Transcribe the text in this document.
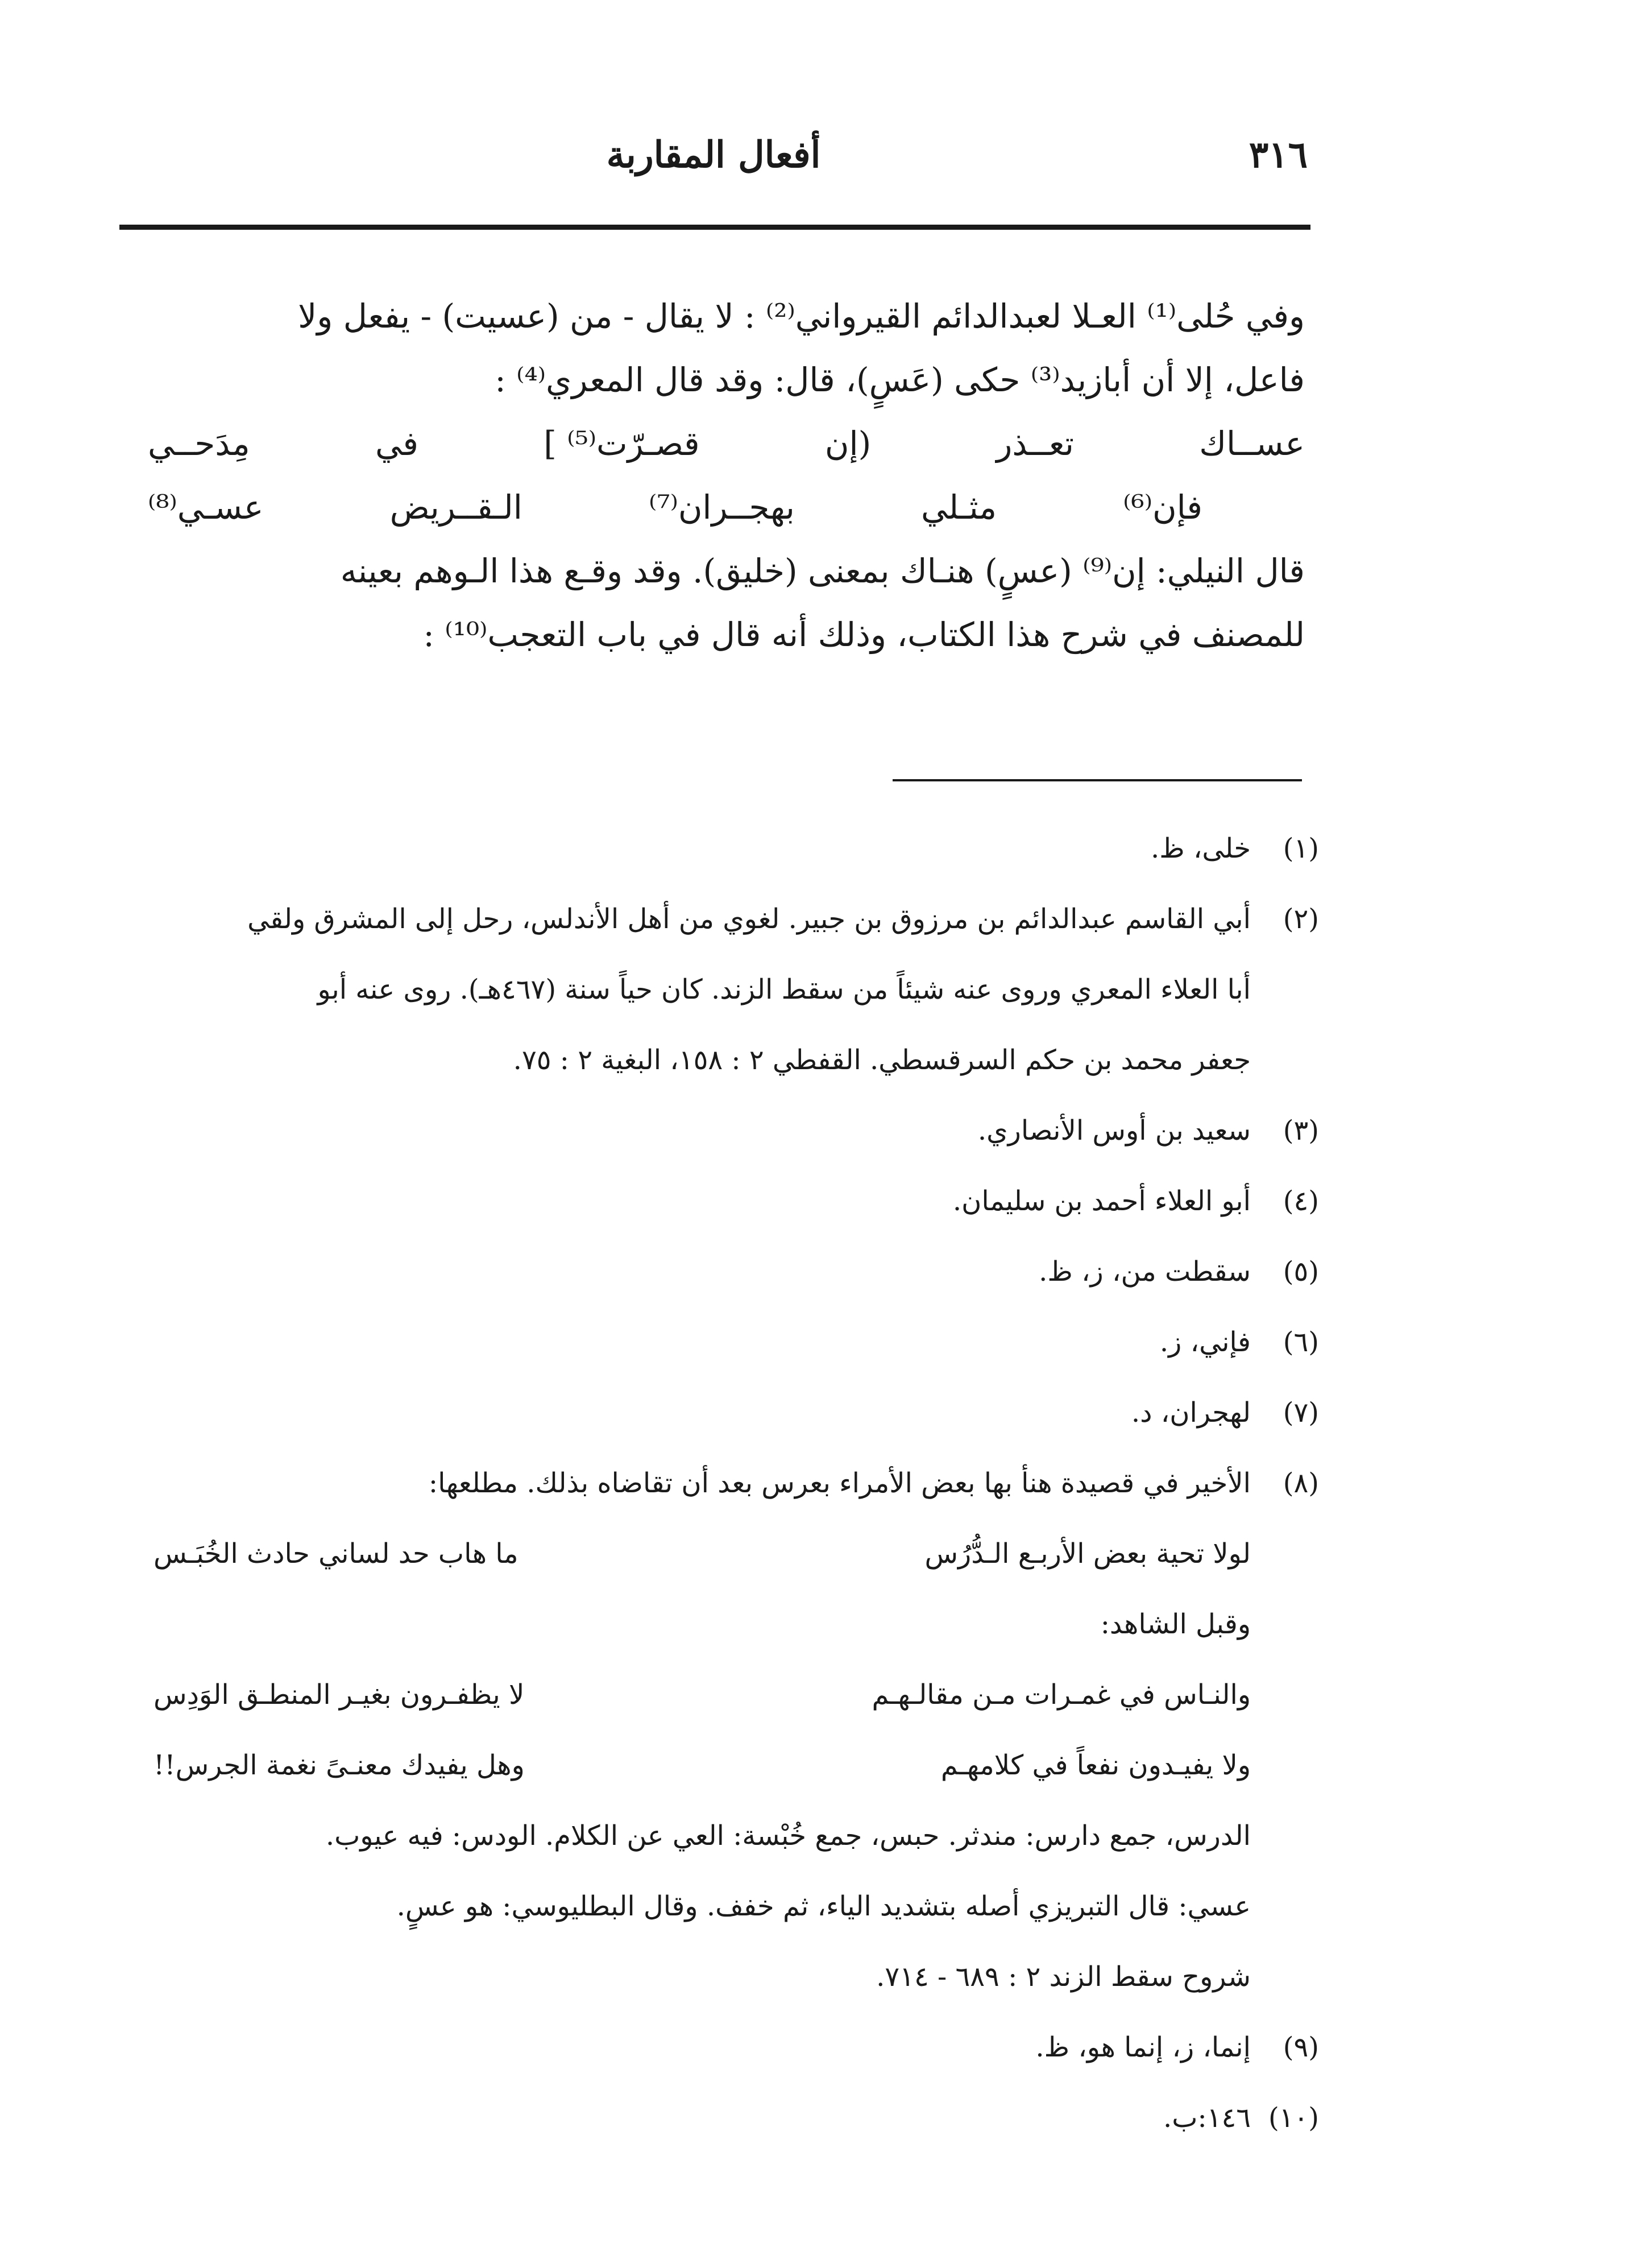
٣١٦
أفعال المقاربة

وفي حُلى⁽¹⁾ العـلا لعبدالدائم القيرواني⁽²⁾ : لا يقال - من (عسيت) - يفعل ولا

فاعل، إلا أن أبازيد⁽³⁾ حكى (عَسٍ)، قال: وقد قال المعري⁽⁴⁾ :

عســاك
تعــذر
(إن
قصـرّت⁽⁵⁾ ]
في
مِدَحــي
فإن⁽⁶⁾
مثـلي
بهجــران⁽⁷⁾
الـقــريض
عسـي⁽⁸⁾

قال النيلي: إن⁽⁹⁾ (عسٍ) هنـاك بمعنى (خليق). وقد وقـع هذا الـوهم بعينه

للمصنف في شرح هذا الكتاب، وذلك أنه قال في باب التعجب⁽¹⁰⁾ :

(١)
خلى، ظ.
(٢)
أبي القاسم عبدالدائم بن مرزوق بن جبير. لغوي من أهل الأندلس، رحل إلى المشرق ولقي
أبا العلاء المعري وروى عنه شيئاً من سقط الزند. كان حياً سنة (٤٦٧هـ). روى عنه أبو
جعفر محمد بن حكم السرقسطي. القفطي ٢ : ١٥٨، البغية ٢ : ٧٥.
(٣)
سعيد بن أوس الأنصاري.
(٤)
أبو العلاء أحمد بن سليمان.
(٥)
سقطت من، ز، ظ.
(٦)
فإني، ز.
(٧)
لهجران، د.
(٨)
الأخير في قصيدة هنأ بها بعض الأمراء بعرس بعد أن تقاضاه بذلك. مطلعها:
لولا تحية بعض الأربـع الـدُّرُس
ما هاب حد لساني حادث الخُبَـس
وقبل الشاهد:
والنـاس في غمـرات مـن مقالـهـم
لا يظفـرون بغيـر المنطـق الوَدِس
ولا يفيـدون نفعاً في كلامهـم
وهل يفيدك معنـىً نغمة الجرس!!
الدرس، جمع دارس: مندثر. حبس، جمع خُبْسة: العي عن الكلام. الودس: فيه عيوب.
عسي: قال التبريزي أصله بتشديد الياء، ثم خفف. وقال البطليوسي: هو عسٍ.
شروح سقط الزند ٢ : ٦٨٩ - ٧١٤.
(٩)
إنما، ز، إنما هو، ظ.
(١٠)
١٤٦:ب.
